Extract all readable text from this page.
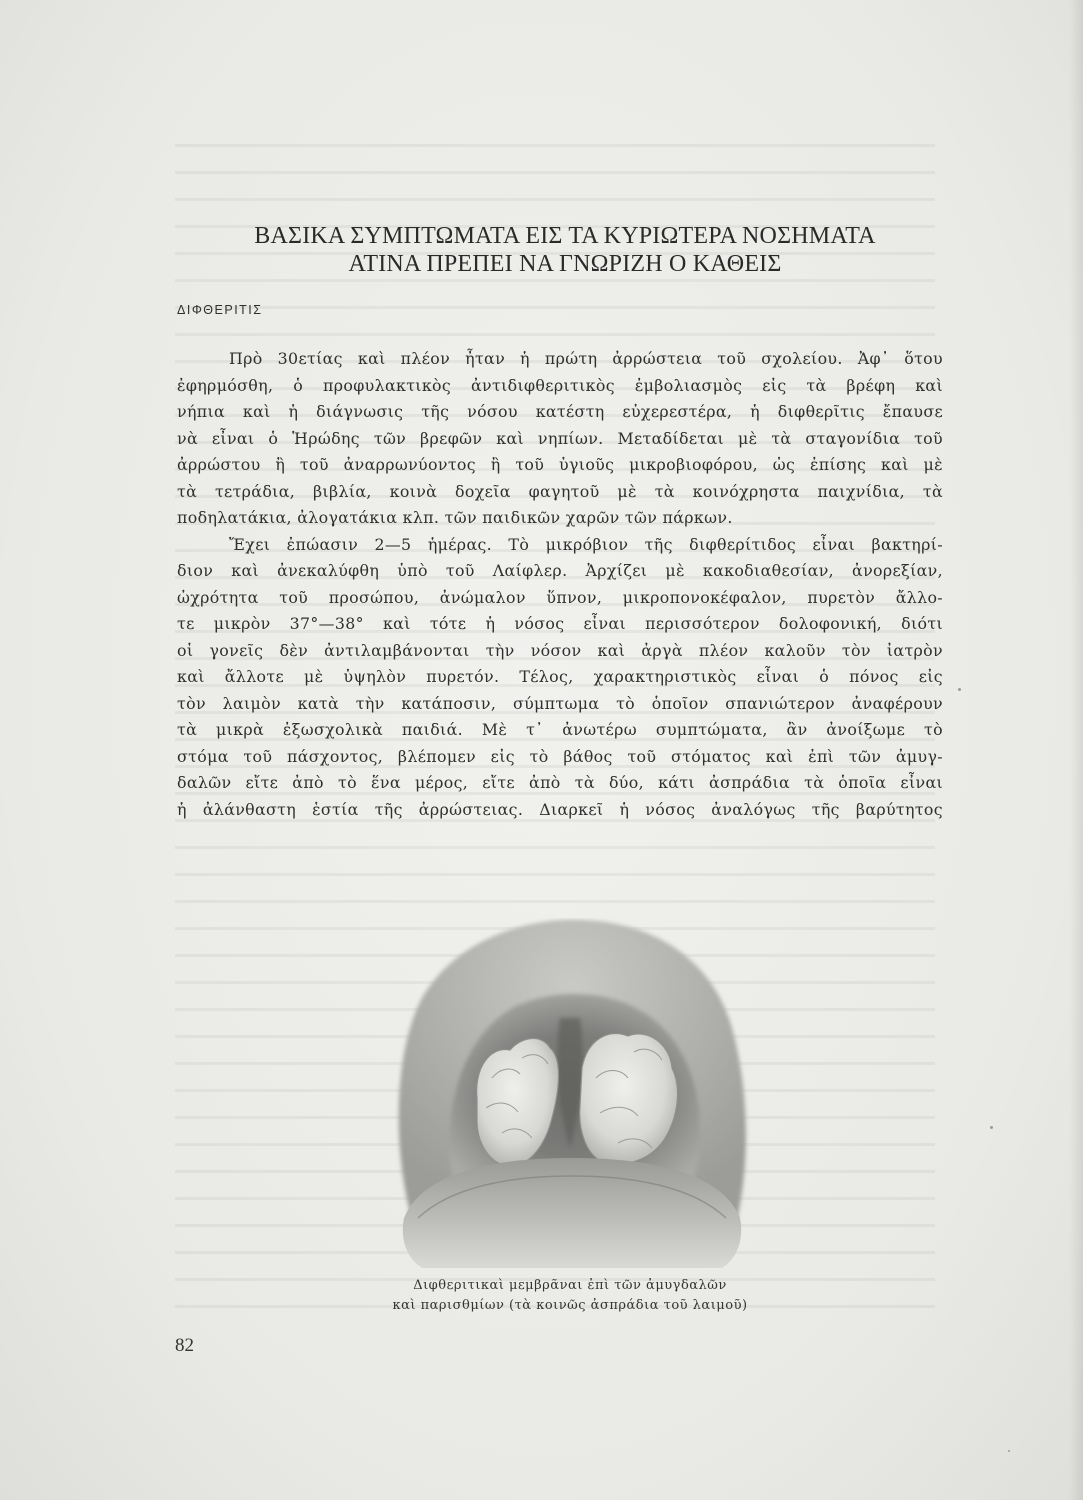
ΒΑΣΙΚΑ ΣΥΜΠΤΩΜΑΤΑ ΕΙΣ ΤΑ ΚΥΡΙΩΤΕΡΑ ΝΟΣΗΜΑΤΑ
ΑΤΙΝΑ ΠΡΕΠΕΙ ΝΑ ΓΝΩΡΙΖΗ Ο ΚΑΘΕΙΣ
ΔΙΦΘΕΡΙΤΙΣ
Πρὸ 30ετίας καὶ πλέον ἦταν ἡ πρώτη ἀρρώστεια τοῦ σχολείου. Ἀφ᾽ ὅτου
ἐφηρμόσθη, ὁ προφυλακτικὸς ἀντιδιφθεριτικὸς ἐμβολιασμὸς εἰς τὰ βρέφη καὶ
νήπια καὶ ἡ διάγνωσις τῆς νόσου κατέστη εὐχερεστέρα, ἡ διφθερῖτις ἔπαυσε
νὰ εἶναι ὁ Ἡρώδης τῶν βρεφῶν καὶ νηπίων. Μεταδίδεται μὲ τὰ σταγονίδια τοῦ
ἀρρώστου ἢ τοῦ ἀναρρωνύοντος ἢ τοῦ ὑγιοῦς μικροβιοφόρου, ὡς ἐπίσης καὶ μὲ
τὰ τετράδια, βιβλία, κοινὰ δοχεῖα φαγητοῦ μὲ τὰ κοινόχρηστα παιχνίδια, τὰ
ποδηλατάκια, ἀλογατάκια κλπ. τῶν παιδικῶν χαρῶν τῶν πάρκων.
Ἔχει ἐπώασιν 2—5 ἡμέρας. Τὸ μικρόβιον τῆς διφθερίτιδος εἶναι βακτηρί-
διον καὶ ἀνεκαλύφθη ὑπὸ τοῦ Λαίφλερ. Ἀρχίζει μὲ κακοδιαθεσίαν, ἀνορεξίαν,
ὠχρότητα τοῦ προσώπου, ἀνώμαλον ὕπνον, μικροπονοκέφαλον, πυρετὸν ἄλλο-
τε μικρὸν 37°—38° καὶ τότε ἡ νόσος εἶναι περισσότερον δολοφονική, διότι
οἱ γονεῖς δὲν ἀντιλαμβάνονται τὴν νόσον καὶ ἀργὰ πλέον καλοῦν τὸν ἰατρὸν
καὶ ἄλλοτε μὲ ὑψηλὸν πυρετόν. Τέλος, χαρακτηριστικὸς εἶναι ὁ πόνος εἰς
τὸν λαιμὸν κατὰ τὴν κατάποσιν, σύμπτωμα τὸ ὁποῖον σπανιώτερον ἀναφέρουν
τὰ μικρὰ ἐξωσχολικὰ παιδιά. Μὲ τ᾽ ἀνωτέρω συμπτώματα, ἂν ἀνοίξωμε τὸ
στόμα τοῦ πάσχοντος, βλέπομεν εἰς τὸ βάθος τοῦ στόματος καὶ ἐπὶ τῶν ἀμυγ-
δαλῶν εἴτε ἀπὸ τὸ ἕνα μέρος, εἴτε ἀπὸ τὰ δύο, κάτι ἀσπράδια τὰ ὁποῖα εἶναι
ἡ ἀλάνθαστη ἑστία τῆς ἀρρώστειας. Διαρκεῖ ἡ νόσος ἀναλόγως τῆς βαρύτητος
Διφθεριτικαὶ μεμβρᾶναι ἐπὶ τῶν ἀμυγδαλῶν
καὶ παρισθμίων (τὰ κοινῶς ἀσπράδια τοῦ λαιμοῦ)
82
